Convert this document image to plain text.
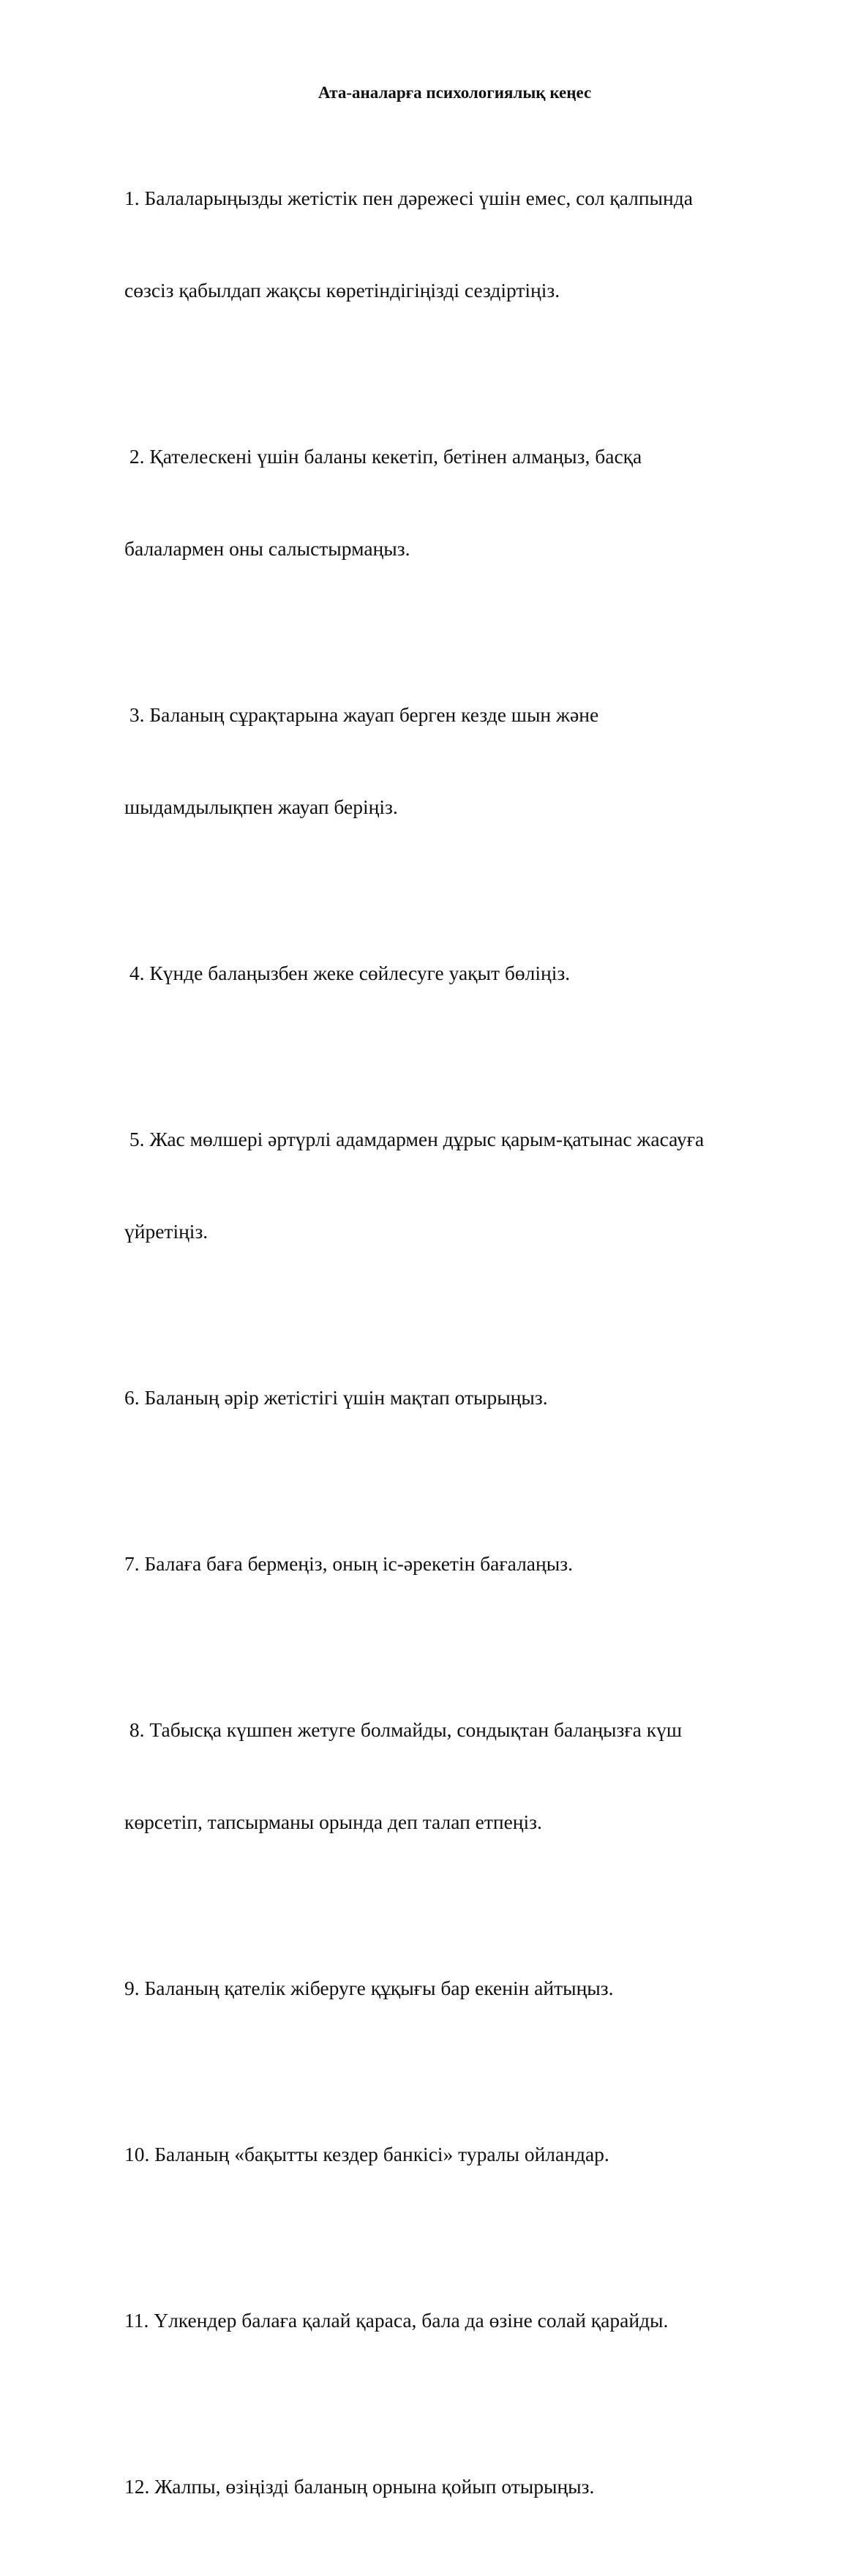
Ата-аналарға психологиялық кеңес

1. Балаларыңызды жетістік пен дәрежесі үшін емес, сол қалпында

сөзсіз қабылдап жақсы көретіндігіңізді сездіртіңіз.

2. Қателескені үшін баланы кекетіп, бетінен алмаңыз, басқа

балалармен оны салыстырмаңыз.

3. Баланың сұрақтарына жауап берген кезде шын және

шыдамдылықпен жауап беріңіз.

4. Күнде балаңызбен жеке сөйлесуге уақыт бөліңіз.

5. Жас мөлшері әртүрлі адамдармен дұрыс қарым-қатынас жасауға

үйретіңіз.

6. Баланың әрір жетістігі үшін мақтап отырыңыз.

7. Балаға баға бермеңіз, оның іс-әрекетін бағалаңыз.

8. Табысқа күшпен жетуге болмайды, сондықтан балаңызға күш

көрсетіп, тапсырманы орында деп талап етпеңіз.

9. Баланың қателік жіберуге құқығы бар екенін айтыңыз.

10. Баланың «бақытты кездер банкісі» туралы ойландар.

11. Үлкендер балаға қалай қараса, бала да өзіне солай қарайды.

12. Жалпы, өзіңізді баланың орнына қойып отырыңыз.
